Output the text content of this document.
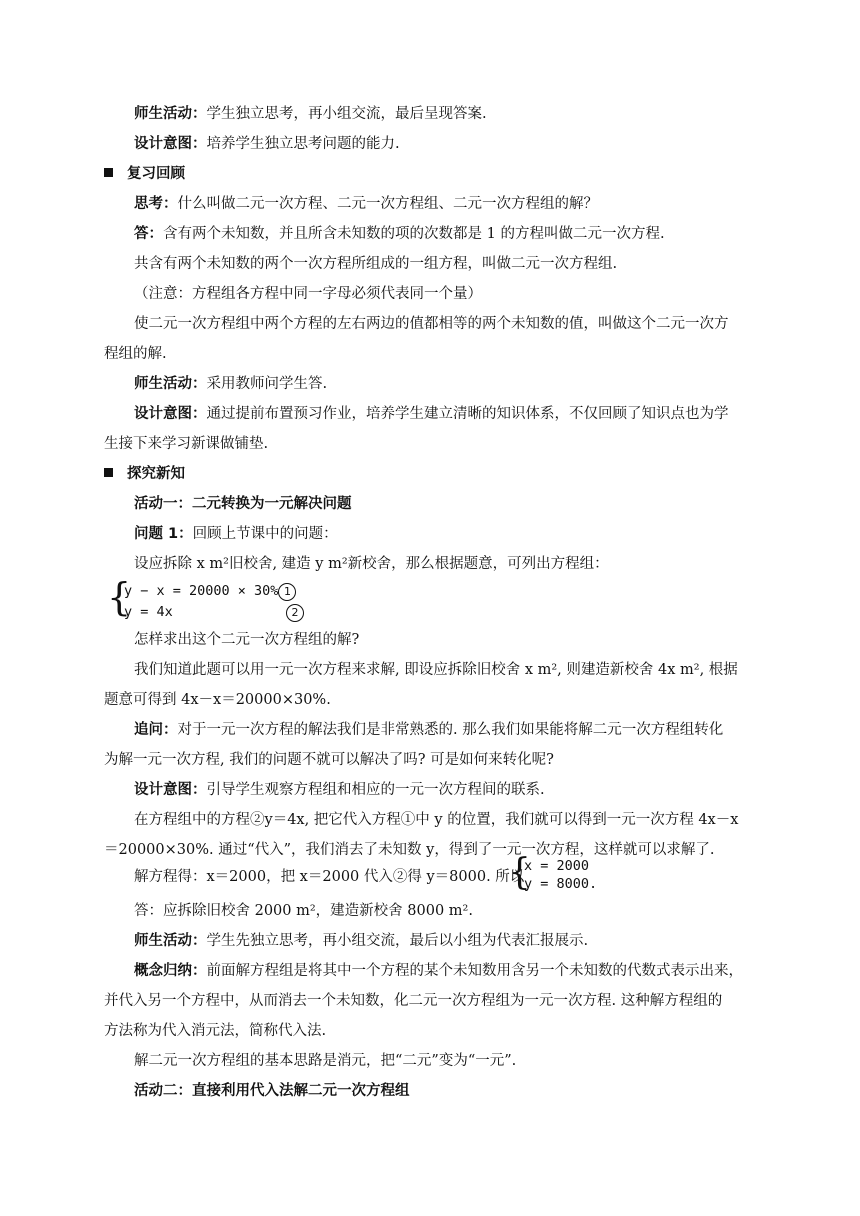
师生活动：学生独立思考，再小组交流，最后呈现答案.
设计意图：培养学生独立思考问题的能力.
复习回顾
思考：什么叫做二元一次方程、二元一次方程组、二元一次方程组的解？
答：含有两个未知数，并且所含未知数的项的次数都是 1 的方程叫做二元一次方程.
共含有两个未知数的两个一次方程所组成的一组方程，叫做二元一次方程组.
（注意：方程组各方程中同一字母必须代表同一个量）
使二元一次方程组中两个方程的左右两边的值都相等的两个未知数的值，叫做这个二元一次方
程组的解.
师生活动：采用教师问学生答.
设计意图：通过提前布置预习作业，培养学生建立清晰的知识体系，不仅回顾了知识点也为学
生接下来学习新课做铺垫.
探究新知
活动一：二元转换为一元解决问题
问题 1：回顾上节课中的问题：
设应拆除 x m²旧校舍, 建造 y m²新校舍，那么根据题意，可列出方程组：
{
y − x = 20000 × 30% 1
y = 4x	2
怎样求出这个二元一次方程组的解?
我们知道此题可以用一元一次方程来求解, 即设应拆除旧校舍 x m², 则建造新校舍 4x m², 根据
题意可得到 4x－x＝20000×30%.
追问：对于一元一次方程的解法我们是非常熟悉的. 那么我们如果能将解二元一次方程组转化
为解一元一次方程, 我们的问题不就可以解决了吗? 可是如何来转化呢?
设计意图：引导学生观察方程组和相应的一元一次方程间的联系.
在方程组中的方程②y＝4x, 把它代入方程①中 y 的位置，我们就可以得到一元一次方程 4x－x
＝20000×30%. 通过“代入”，我们消去了未知数 y，得到了一元一次方程，这样就可以求解了.
解方程得：x＝2000，把 x＝2000 代入②得 y＝8000. 所以
{
x = 2000
y = 8000.
答：应拆除旧校舍 2000 m²，建造新校舍 8000 m².
师生活动：学生先独立思考，再小组交流，最后以小组为代表汇报展示.
概念归纳：前面解方程组是将其中一个方程的某个未知数用含另一个未知数的代数式表示出来，
并代入另一个方程中，从而消去一个未知数，化二元一次方程组为一元一次方程. 这种解方程组的
方法称为代入消元法，简称代入法.
解二元一次方程组的基本思路是消元，把“二元”变为“一元”.
活动二：直接利用代入法解二元一次方程组
